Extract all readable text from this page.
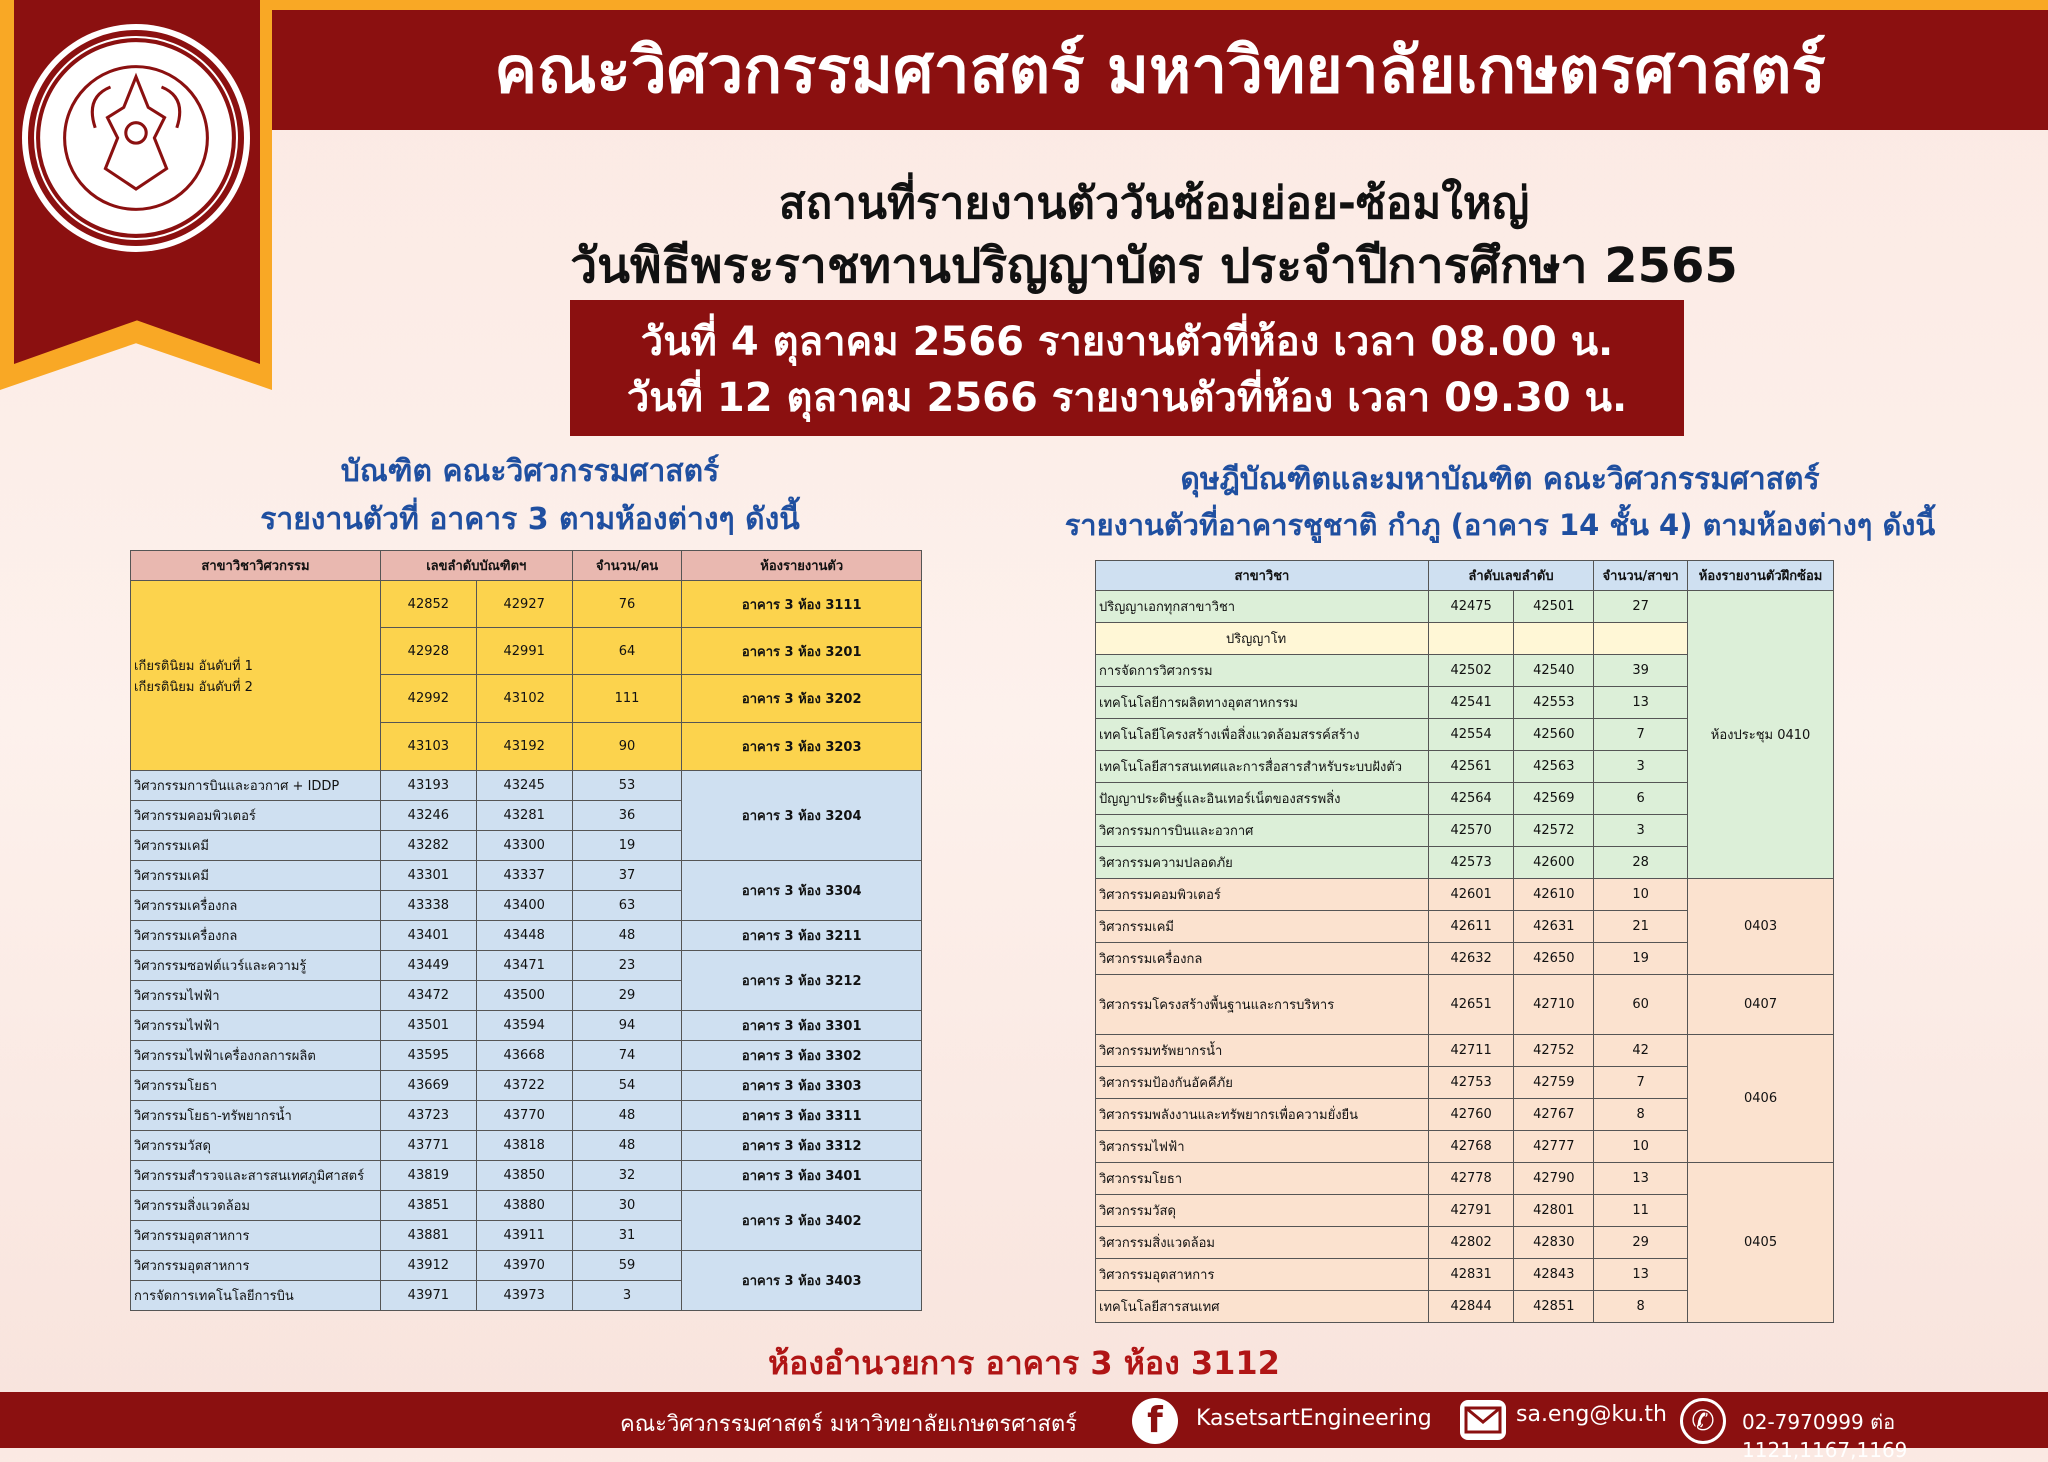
คณะวิศวกรรมศาสตร์ มหาวิทยาลัยเกษตรศาสตร์
สถานที่รายงานตัววันซ้อมย่อย-ซ้อมใหญ่
วันพิธีพระราชทานปริญญาบัตร ประจำปีการศึกษา 2565
วันที่ 4 ตุลาคม 2566 รายงานตัวที่ห้อง เวลา 08.00 น.
วันที่ 12 ตุลาคม 2566 รายงานตัวที่ห้อง เวลา 09.30 น.
บัณฑิต คณะวิศวกรรมศาสตร์
รายงานตัวที่ อาคาร 3 ตามห้องต่างๆ ดังนี้
ดุษฎีบัณฑิตและมหาบัณฑิต คณะวิศวกรรมศาสตร์
รายงานตัวที่อาคารชูชาติ กำภู (อาคาร 14 ชั้น 4) ตามห้องต่างๆ ดังนี้
สาขาวิชาวิศวกรรม	เลขลำดับบัณฑิตฯ		จำนวน/คน	ห้องรายงานตัว

เกียรตินิยม อันดับที่ 1
เกียรตินิยม อันดับที่ 2	42852	42927	76	อาคาร 3 ห้อง 3111
	42928	42991	64	อาคาร 3 ห้อง 3201
	42992	43102	111	อาคาร 3 ห้อง 3202
	43103	43192	90	อาคาร 3 ห้อง 3203
วิศวกรรมการบินและอวกาศ + IDDP	43193	43245	53	อาคาร 3 ห้อง 3204
วิศวกรรมคอมพิวเตอร์	43246	43281	36	
วิศวกรรมเคมี	43282	43300	19	
วิศวกรรมเคมี	43301	43337	37	อาคาร 3 ห้อง 3304
วิศวกรรมเครื่องกล	43338	43400	63	
วิศวกรรมเครื่องกล	43401	43448	48	อาคาร 3 ห้อง 3211
วิศวกรรมซอฟต์แวร์และความรู้	43449	43471	23	อาคาร 3 ห้อง 3212
วิศวกรรมไฟฟ้า	43472	43500	29	
วิศวกรรมไฟฟ้า	43501	43594	94	อาคาร 3 ห้อง 3301
วิศวกรรมไฟฟ้าเครื่องกลการผลิต	43595	43668	74	อาคาร 3 ห้อง 3302
วิศวกรรมโยธา	43669	43722	54	อาคาร 3 ห้อง 3303
วิศวกรรมโยธา-ทรัพยากรน้ำ	43723	43770	48	อาคาร 3 ห้อง 3311
วิศวกรรมวัสดุ	43771	43818	48	อาคาร 3 ห้อง 3312
วิศวกรรมสำรวจและสารสนเทศภูมิศาสตร์	43819	43850	32	อาคาร 3 ห้อง 3401
วิศวกรรมสิ่งแวดล้อม	43851	43880	30	อาคาร 3 ห้อง 3402
วิศวกรรมอุตสาหการ	43881	43911	31	
วิศวกรรมอุตสาหการ	43912	43970	59	อาคาร 3 ห้อง 3403
การจัดการเทคโนโลยีการบิน	43971	43973	3	
สาขาวิชา	ลำดับเลขลำดับ		จำนวน/สาขา	ห้องรายงานตัวฝึกซ้อม
ปริญญาเอกทุกสาขาวิชา	42475	42501	27	ห้องประชุม 0410
ปริญญาโท				
การจัดการวิศวกรรม	42502	42540	39	
เทคโนโลยีการผลิตทางอุตสาหกรรม	42541	42553	13	
เทคโนโลยีโครงสร้างเพื่อสิ่งแวดล้อมสรรค์สร้าง	42554	42560	7	
เทคโนโลยีสารสนเทศและการสื่อสารสำหรับระบบฝังตัว	42561	42563	3	
ปัญญาประดิษฐ์และอินเทอร์เน็ตของสรรพสิ่ง	42564	42569	6	
วิศวกรรมการบินและอวกาศ	42570	42572	3	
วิศวกรรมความปลอดภัย	42573	42600	28	
วิศวกรรมคอมพิวเตอร์	42601	42610	10	0403
วิศวกรรมเคมี	42611	42631	21	
วิศวกรรมเครื่องกล	42632	42650	19	
วิศวกรรมโครงสร้างพื้นฐานและการบริหาร	42651	42710	60	0407
วิศวกรรมทรัพยากรน้ำ	42711	42752	42	0406
วิศวกรรมป้องกันอัคคีภัย	42753	42759	7	
วิศวกรรมพลังงานและทรัพยากรเพื่อความยั่งยืน	42760	42767	8	
วิศวกรรมไฟฟ้า	42768	42777	10	
วิศวกรรมโยธา	42778	42790	13	0405
วิศวกรรมวัสดุ	42791	42801	11	
วิศวกรรมสิ่งแวดล้อม	42802	42830	29	
วิศวกรรมอุตสาหการ	42831	42843	13	
เทคโนโลยีสารสนเทศ	42844	42851	8	
ห้องอำนวยการ อาคาร 3 ห้อง 3112
คณะวิศวกรรมศาสตร์ มหาวิทยาลัยเกษตรศาสตร์	f	KasetsartEngineering	sa.eng@ku.th ✆	02-7970999 ต่อ 1121,1167,1169
